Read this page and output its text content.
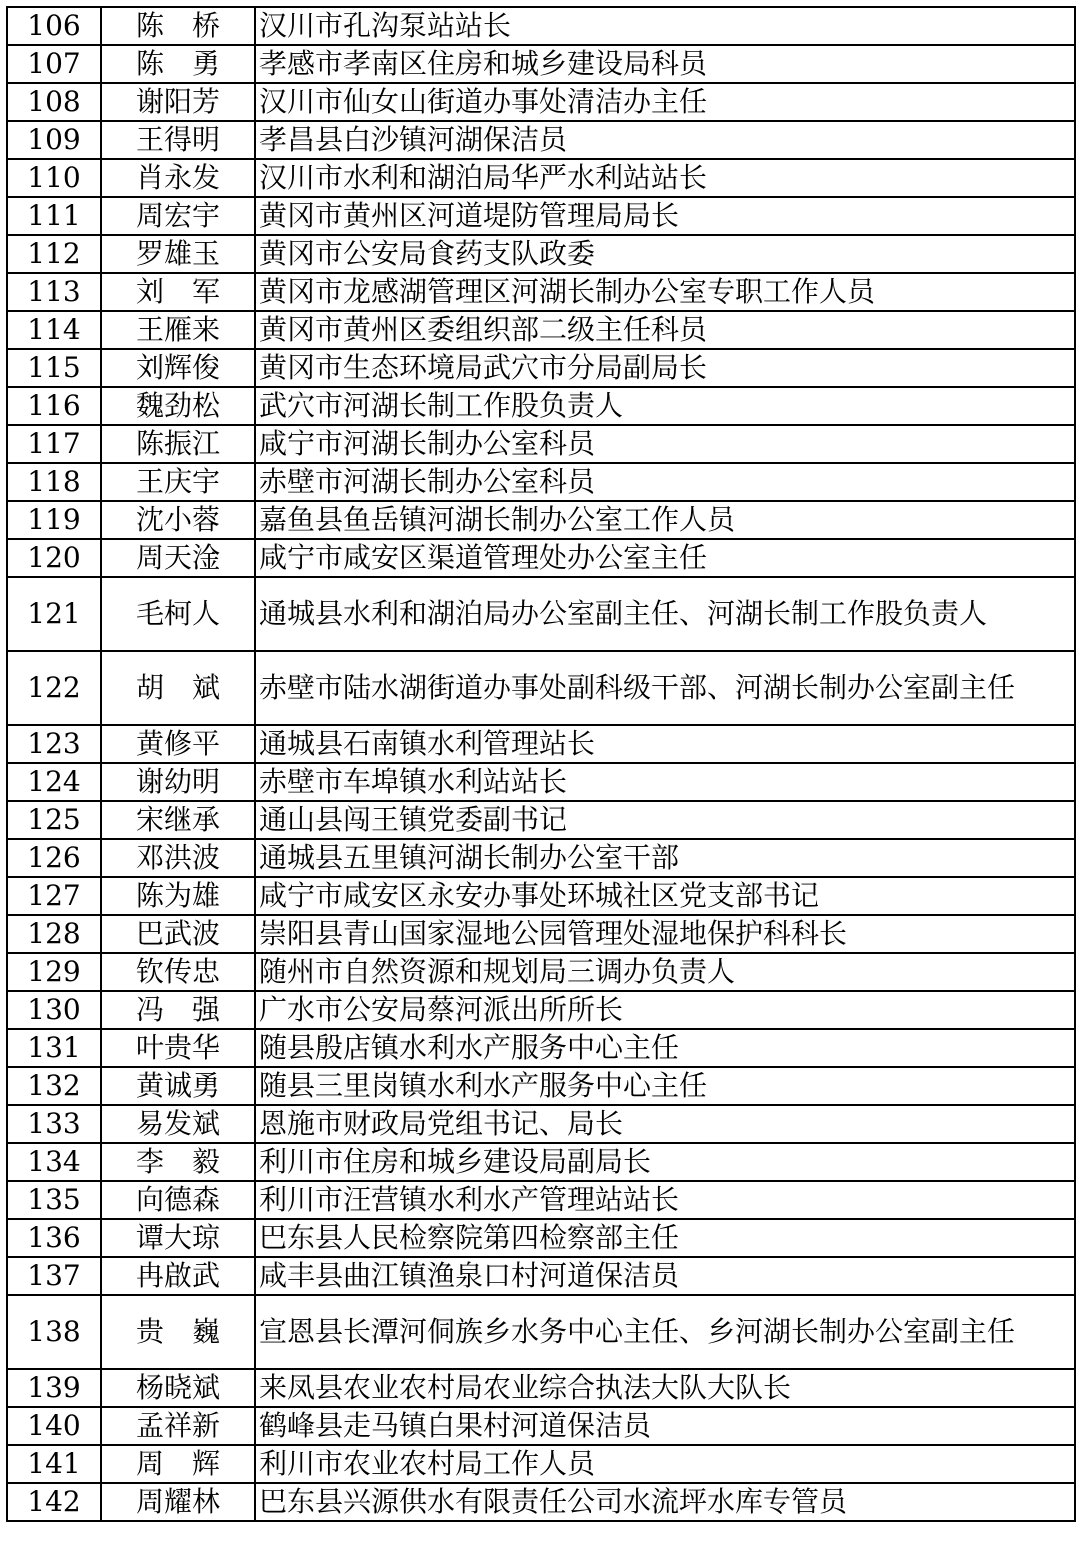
106	陈　桥	汉川市孔沟泵站站长
107	陈　勇	孝感市孝南区住房和城乡建设局科员
108	谢阳芳	汉川市仙女山街道办事处清洁办主任
109	王得明	孝昌县白沙镇河湖保洁员
110	肖永发	汉川市水利和湖泊局华严水利站站长
111	周宏宇	黄冈市黄州区河道堤防管理局局长
112	罗雄玉	黄冈市公安局食药支队政委
113	刘　军	黄冈市龙感湖管理区河湖长制办公室专职工作人员
114	王雁来	黄冈市黄州区委组织部二级主任科员
115	刘辉俊	黄冈市生态环境局武穴市分局副局长
116	魏劲松	武穴市河湖长制工作股负责人
117	陈振江	咸宁市河湖长制办公室科员
118	王庆宇	赤壁市河湖长制办公室科员
119	沈小蓉	嘉鱼县鱼岳镇河湖长制办公室工作人员
120	周天淦	咸宁市咸安区渠道管理处办公室主任
121	毛柯人	通城县水利和湖泊局办公室副主任、河湖长制工作股负责人
122	胡　斌	赤壁市陆水湖街道办事处副科级干部、河湖长制办公室副主任
123	黄修平	通城县石南镇水利管理站长
124	谢幼明	赤壁市车埠镇水利站站长
125	宋继承	通山县闯王镇党委副书记
126	邓洪波	通城县五里镇河湖长制办公室干部
127	陈为雄	咸宁市咸安区永安办事处环城社区党支部书记
128	巴武波	崇阳县青山国家湿地公园管理处湿地保护科科长
129	钦传忠	随州市自然资源和规划局三调办负责人
130	冯　强	广水市公安局蔡河派出所所长
131	叶贵华	随县殷店镇水利水产服务中心主任
132	黄诚勇	随县三里岗镇水利水产服务中心主任
133	易发斌	恩施市财政局党组书记、局长
134	李　毅	利川市住房和城乡建设局副局长
135	向德森	利川市汪营镇水利水产管理站站长
136	谭大琼	巴东县人民检察院第四检察部主任
137	冉啟武	咸丰县曲江镇渔泉口村河道保洁员
138	贵　巍	宣恩县长潭河侗族乡水务中心主任、乡河湖长制办公室副主任
139	杨晓斌	来凤县农业农村局农业综合执法大队大队长
140	孟祥新	鹤峰县走马镇白果村河道保洁员
141	周　辉	利川市农业农村局工作人员
142	周耀林	巴东县兴源供水有限责任公司水流坪水库专管员
